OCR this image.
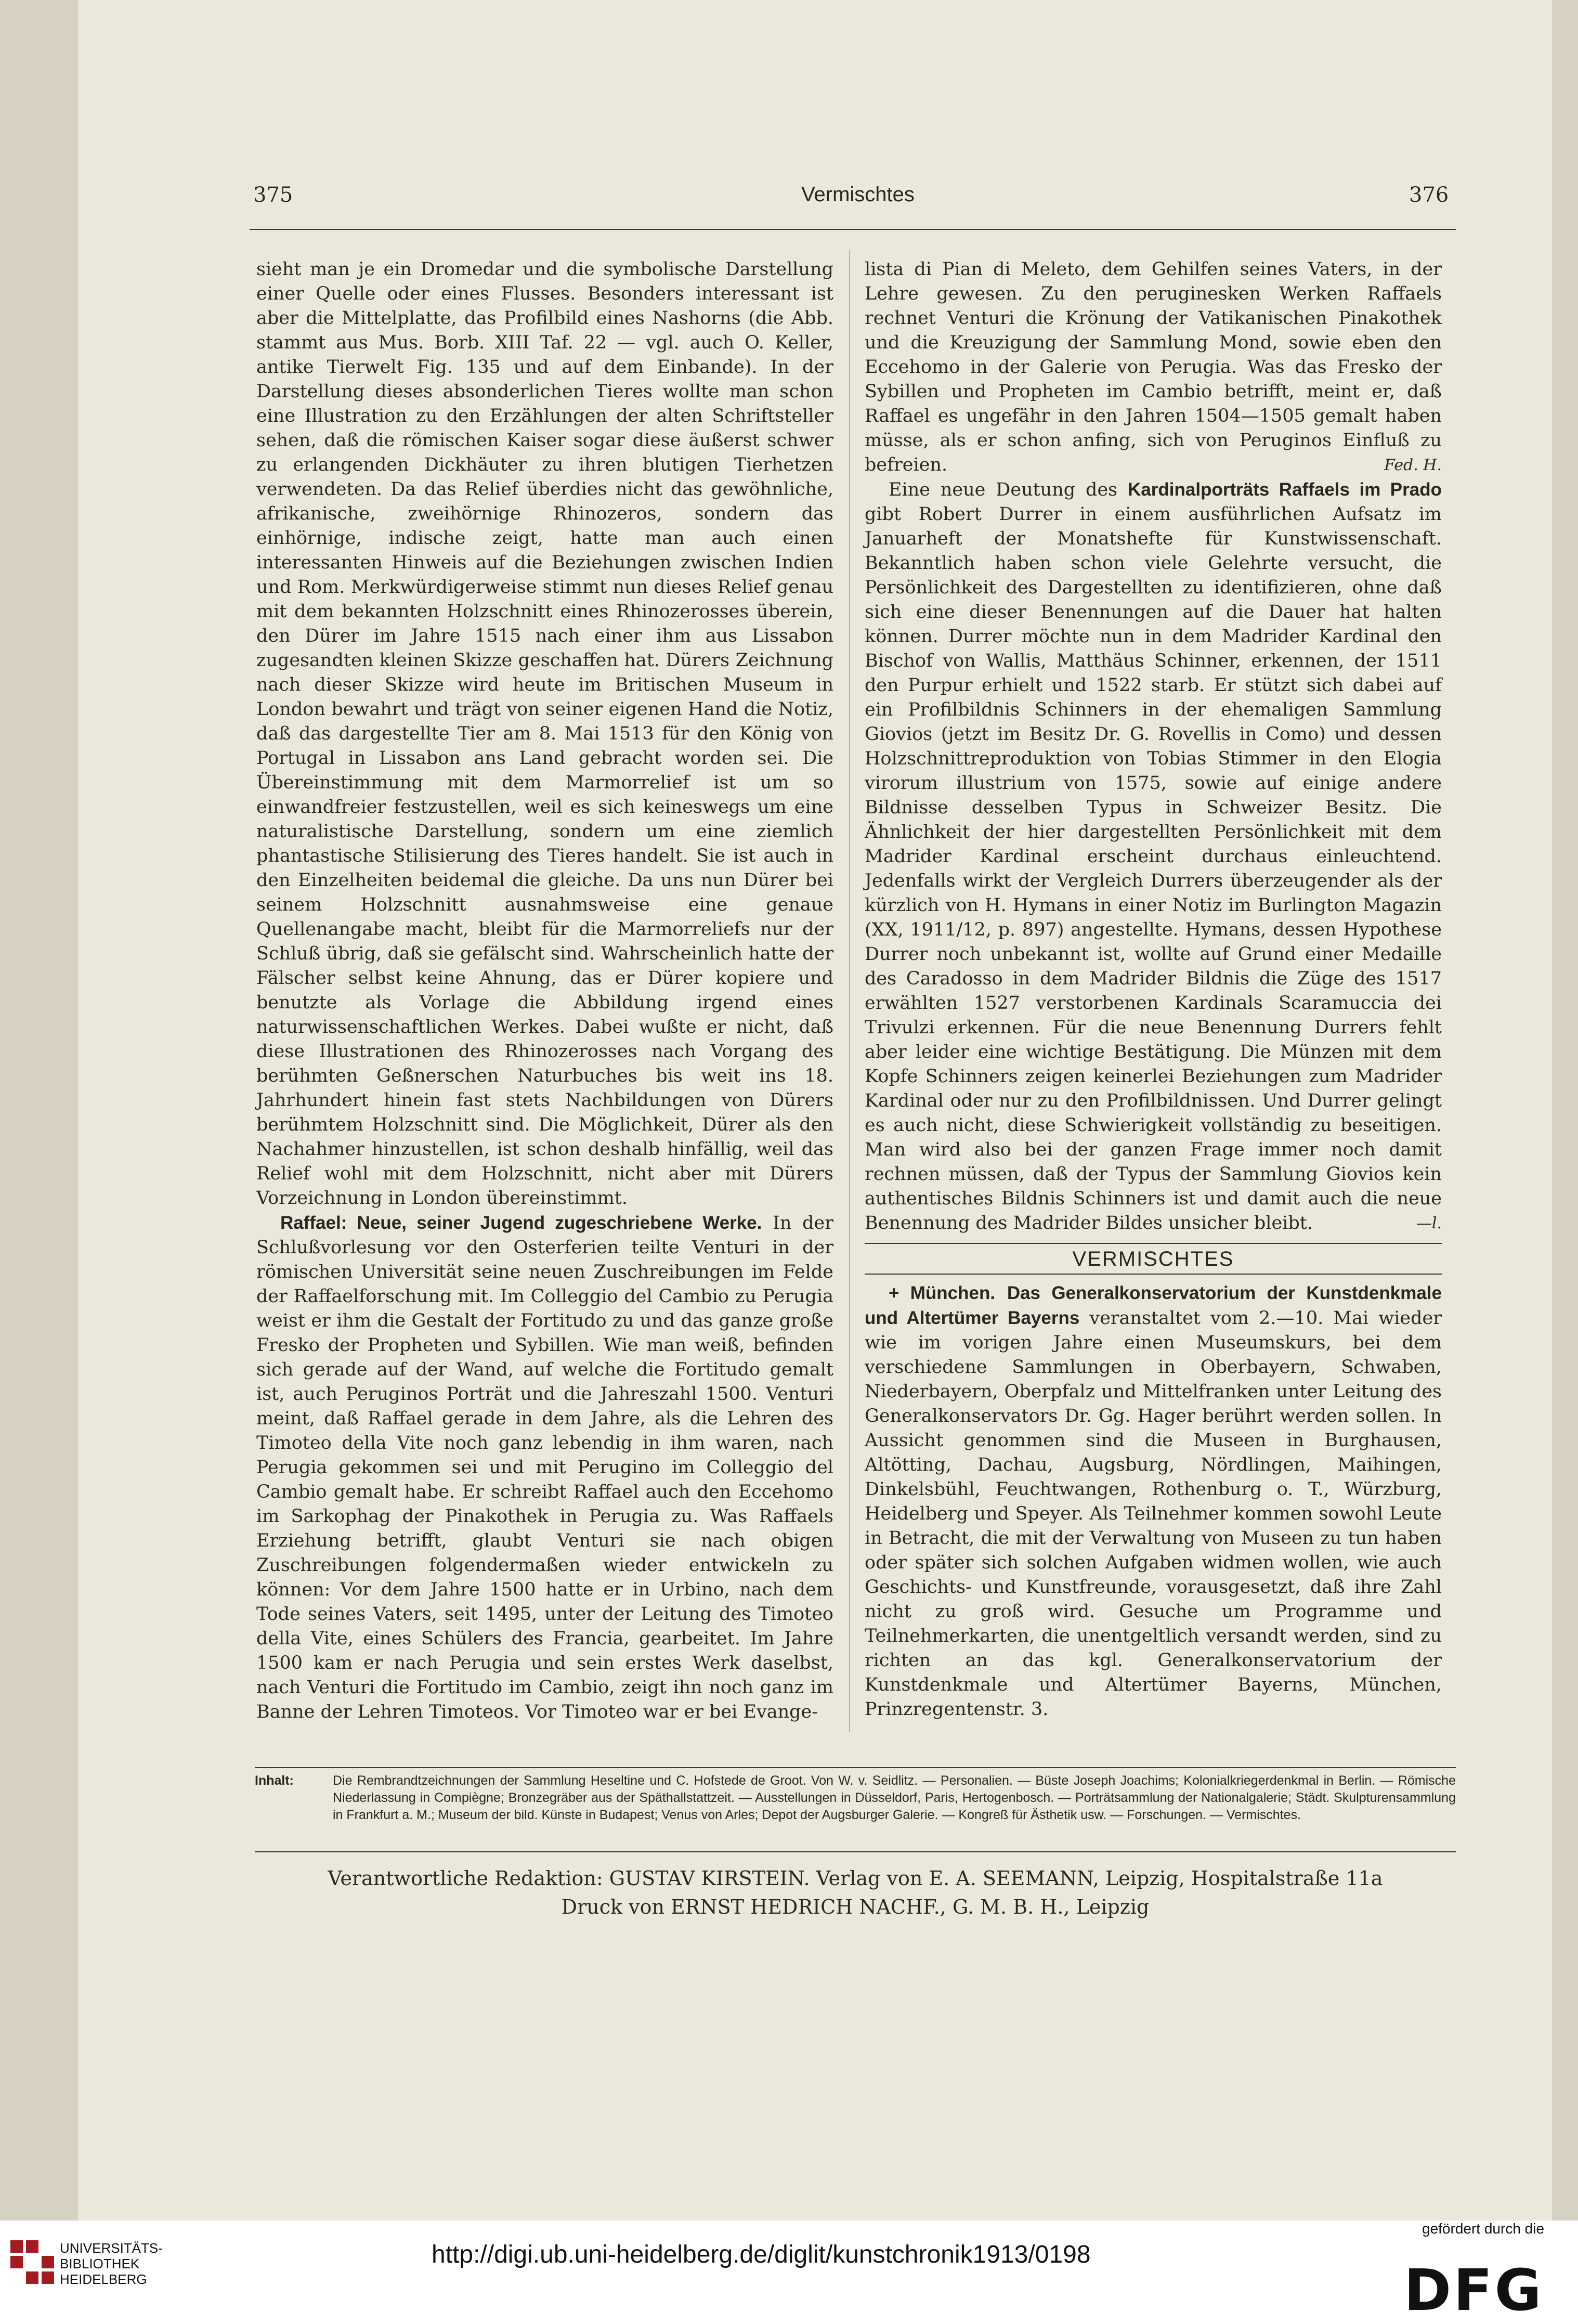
375	Vermischtes	376

sieht man je ein Dromedar und die symbolische Darstellung einer Quelle oder eines Flusses. Besonders interessant ist aber die Mittelplatte, das Profilbild eines Nashorns (die Abb. stammt aus Mus. Borb. XIII Taf. 22 — vgl. auch O. Keller, antike Tierwelt Fig. 135 und auf dem Einbande). In der Darstellung dieses absonderlichen Tieres wollte man schon eine Illustration zu den Erzählungen der alten Schriftsteller sehen, daß die römischen Kaiser sogar diese äußerst schwer zu erlangenden Dickhäuter zu ihren blutigen Tierhetzen verwendeten. Da das Relief überdies nicht das gewöhnliche, afrikanische, zweihörnige Rhinozeros, sondern das einhörnige, indische zeigt, hatte man auch einen interessanten Hinweis auf die Beziehungen zwischen Indien und Rom. Merkwürdigerweise stimmt nun dieses Relief genau mit dem bekannten Holzschnitt eines Rhinozerosses überein, den Dürer im Jahre 1515 nach einer ihm aus Lissabon zugesandten kleinen Skizze geschaffen hat. Dürers Zeichnung nach dieser Skizze wird heute im Britischen Museum in London bewahrt und trägt von seiner eigenen Hand die Notiz, daß das dargestellte Tier am 8. Mai 1513 für den König von Portugal in Lissabon ans Land gebracht worden sei. Die Übereinstimmung mit dem Marmorrelief ist um so einwandfreier festzustellen, weil es sich keineswegs um eine naturalistische Darstellung, sondern um eine ziemlich phantastische Stilisierung des Tieres handelt. Sie ist auch in den Einzelheiten beidemal die gleiche. Da uns nun Dürer bei seinem Holzschnitt ausnahmsweise eine genaue Quellenangabe macht, bleibt für die Marmorreliefs nur der Schluß übrig, daß sie gefälscht sind. Wahrscheinlich hatte der Fälscher selbst keine Ahnung, das er Dürer kopiere und benutzte als Vorlage die Abbildung irgend eines naturwissenschaftlichen Werkes. Dabei wußte er nicht, daß diese Illustrationen des Rhinozerosses nach Vorgang des berühmten Geßnerschen Naturbuches bis weit ins 18. Jahrhundert hinein fast stets Nachbildungen von Dürers berühmtem Holzschnitt sind. Die Möglichkeit, Dürer als den Nachahmer hinzustellen, ist schon deshalb hinfällig, weil das Relief wohl mit dem Holzschnitt, nicht aber mit Dürers Vorzeichnung in London übereinstimmt.

Raffael: Neue, seiner Jugend zugeschriebene Werke. In der Schlußvorlesung vor den Osterferien teilte Venturi in der römischen Universität seine neuen Zuschreibungen im Felde der Raffaelforschung mit. Im Colleggio del Cambio zu Perugia weist er ihm die Gestalt der Fortitudo zu und das ganze große Fresko der Propheten und Sybillen. Wie man weiß, befinden sich gerade auf der Wand, auf welche die Fortitudo gemalt ist, auch Peruginos Porträt und die Jahreszahl 1500. Venturi meint, daß Raffael gerade in dem Jahre, als die Lehren des Timoteo della Vite noch ganz lebendig in ihm waren, nach Perugia gekommen sei und mit Perugino im Colleggio del Cambio gemalt habe. Er schreibt Raffael auch den Eccehomo im Sarkophag der Pinakothek in Perugia zu. Was Raffaels Erziehung betrifft, glaubt Venturi sie nach obigen Zuschreibungen folgendermaßen wieder entwickeln zu können: Vor dem Jahre 1500 hatte er in Urbino, nach dem Tode seines Vaters, seit 1495, unter der Leitung des Timoteo della Vite, eines Schülers des Francia, gearbeitet. Im Jahre 1500 kam er nach Perugia und sein erstes Werk daselbst, nach Venturi die Fortitudo im Cambio, zeigt ihn noch ganz im Banne der Lehren Timoteos. Vor Timoteo war er bei Evange-

lista di Pian di Meleto, dem Gehilfen seines Vaters, in der Lehre gewesen. Zu den peruginesken Werken Raffaels rechnet Venturi die Krönung der Vatikanischen Pinakothek und die Kreuzigung der Sammlung Mond, sowie eben den Eccehomo in der Galerie von Perugia. Was das Fresko der Sybillen und Propheten im Cambio betrifft, meint er, daß Raffael es ungefähr in den Jahren 1504—1505 gemalt haben müsse, als er schon anfing, sich von Peruginos Einfluß zu befreien.	Fed. H.

Eine neue Deutung des Kardinalporträts Raffaels im Prado gibt Robert Durrer in einem ausführlichen Aufsatz im Januarheft der Monatshefte für Kunstwissenschaft. Bekanntlich haben schon viele Gelehrte versucht, die Persönlichkeit des Dargestellten zu identifizieren, ohne daß sich eine dieser Benennungen auf die Dauer hat halten können. Durrer möchte nun in dem Madrider Kardinal den Bischof von Wallis, Matthäus Schinner, erkennen, der 1511 den Purpur erhielt und 1522 starb. Er stützt sich dabei auf ein Profilbildnis Schinners in der ehemaligen Sammlung Giovios (jetzt im Besitz Dr. G. Rovellis in Como) und dessen Holzschnittreproduktion von Tobias Stimmer in den Elogia virorum illustrium von 1575, sowie auf einige andere Bildnisse desselben Typus in Schweizer Besitz. Die Ähnlichkeit der hier dargestellten Persönlichkeit mit dem Madrider Kardinal erscheint durchaus einleuchtend. Jedenfalls wirkt der Vergleich Durrers überzeugender als der kürzlich von H. Hymans in einer Notiz im Burlington Magazin (XX, 1911/12, p. 897) angestellte. Hymans, dessen Hypothese Durrer noch unbekannt ist, wollte auf Grund einer Medaille des Caradosso in dem Madrider Bildnis die Züge des 1517 erwählten 1527 verstorbenen Kardinals Scaramuccia dei Trivulzi erkennen. Für die neue Benennung Durrers fehlt aber leider eine wichtige Bestätigung. Die Münzen mit dem Kopfe Schinners zeigen keinerlei Beziehungen zum Madrider Kardinal oder nur zu den Profilbildnissen. Und Durrer gelingt es auch nicht, diese Schwierigkeit vollständig zu beseitigen. Man wird also bei der ganzen Frage immer noch damit rechnen müssen, daß der Typus der Sammlung Giovios kein authentisches Bildnis Schinners ist und damit auch die neue Benennung des Madrider Bildes unsicher bleibt.	—l.

VERMISCHTES

+ München. Das Generalkonservatorium der Kunstdenkmale und Altertümer Bayerns veranstaltet vom 2.—10. Mai wieder wie im vorigen Jahre einen Museumskurs, bei dem verschiedene Sammlungen in Oberbayern, Schwaben, Niederbayern, Oberpfalz und Mittelfranken unter Leitung des Generalkonservators Dr. Gg. Hager berührt werden sollen. In Aussicht genommen sind die Museen in Burghausen, Altötting, Dachau, Augsburg, Nördlingen, Maihingen, Dinkelsbühl, Feuchtwangen, Rothenburg o. T., Würzburg, Heidelberg und Speyer. Als Teilnehmer kommen sowohl Leute in Betracht, die mit der Verwaltung von Museen zu tun haben oder später sich solchen Aufgaben widmen wollen, wie auch Geschichts- und Kunstfreunde, vorausgesetzt, daß ihre Zahl nicht zu groß wird. Gesuche um Programme und Teilnehmerkarten, die unentgeltlich versandt werden, sind zu richten an das kgl. Generalkonservatorium der Kunstdenkmale und Altertümer Bayerns, München, Prinzregentenstr. 3.

Inhalt:	Die Rembrandtzeichnungen der Sammlung Heseltine und C. Hofstede de Groot. Von W. v. Seidlitz. — Personalien. — Büste Joseph Joachims; Kolonialkriegerdenkmal in Berlin. — Römische Niederlassung in Compiègne; Bronzegräber aus der Späthallstattzeit. — Ausstellungen in Düsseldorf, Paris, Hertogenbosch. — Porträtsammlung der Nationalgalerie; Städt. Skulpturensammlung in Frankfurt a. M.; Museum der bild. Künste in Budapest; Venus von Arles; Depot der Augsburger Galerie. — Kongreß für Ästhetik usw. — Forschungen. — Vermischtes.
Verantwortliche Redaktion: GUSTAV KIRSTEIN. Verlag von E. A. SEEMANN, Leipzig, Hospitalstraße 11a
Druck von ERNST HEDRICH NACHF., G. M. B. H., Leipzig
UNIVERSITÄTS-
BIBLIOTHEK
HEIDELBERG
http://digi.ub.uni-heidelberg.de/diglit/kunstchronik1913/0198
gefördert durch die
DFG
